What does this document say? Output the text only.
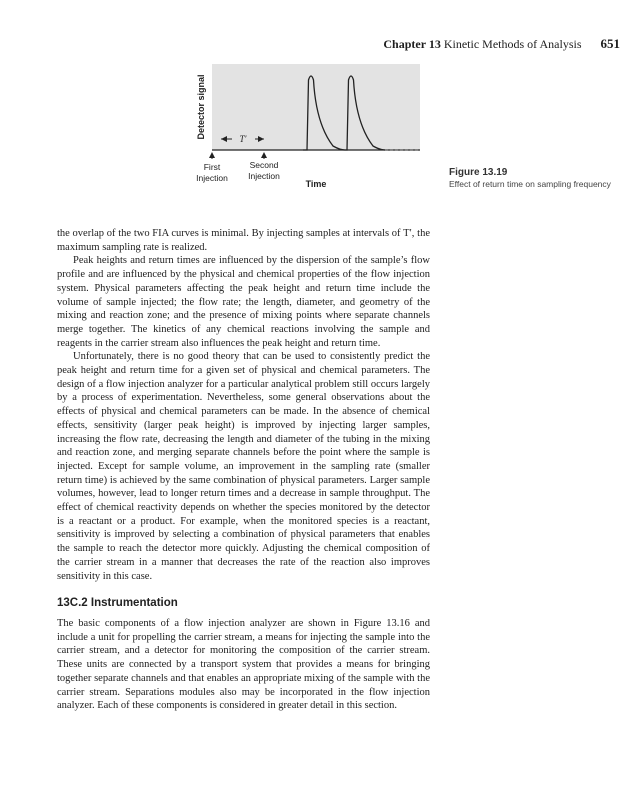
Chapter 13 Kinetic Methods of Analysis 651
T′
Detector signal
First
Injection
Second
Injection
Time
Figure 13.19
Effect of return time on sampling frequency

the overlap of the two FIA curves is minimal. By injecting samples at intervals of T′, the maximum sampling rate is realized.

Peak heights and return times are influenced by the dispersion of the sample’s flow profile and are influenced by the physical and chemical properties of the flow injection system. Physical parameters affecting the peak height and return time include the volume of sample injected; the flow rate; the length, diameter, and geometry of the mixing and reaction zone; and the presence of mixing points where separate channels merge together. The kinetics of any chemical reactions involving the sample and reagents in the carrier stream also influences the peak height and return time.

Unfortunately, there is no good theory that can be used to consistently predict the peak height and return time for a given set of physical and chemical parameters. The design of a flow injection analyzer for a particular analytical problem still occurs largely by a process of experimentation. Nevertheless, some general observations about the effects of physical and chemical parameters can be made. In the absence of chemical effects, sensitivity (larger peak height) is improved by injecting larger samples, increasing the flow rate, decreasing the length and diameter of the tubing in the mixing and reaction zone, and merging separate channels before the point where the sample is injected. Except for sample volume, an improvement in the sampling rate (smaller return time) is achieved by the same combination of physical parameters. Larger sample volumes, however, lead to longer return times and a decrease in sample throughput. The effect of chemical reactivity depends on whether the species monitored by the detector is a reactant or a product. For example, when the monitored species is a reactant, sensitivity is improved by selecting a combination of physical parameters that enables the sample to reach the detector more quickly. Adjusting the chemical composition of the carrier stream in a manner that decreases the rate of the reaction also improves sensitivity in this case.

13C.2 Instrumentation

The basic components of a flow injection analyzer are shown in Figure 13.16 and include a unit for propelling the carrier stream, a means for injecting the sample into the carrier stream, and a detector for monitoring the composition of the carrier stream. These units are connected by a transport system that provides a means for bringing together separate channels and that enables an appropriate mixing of the sample with the carrier stream. Separations modules also may be incorporated in the flow injection analyzer. Each of these components is considered in greater detail in this section.
